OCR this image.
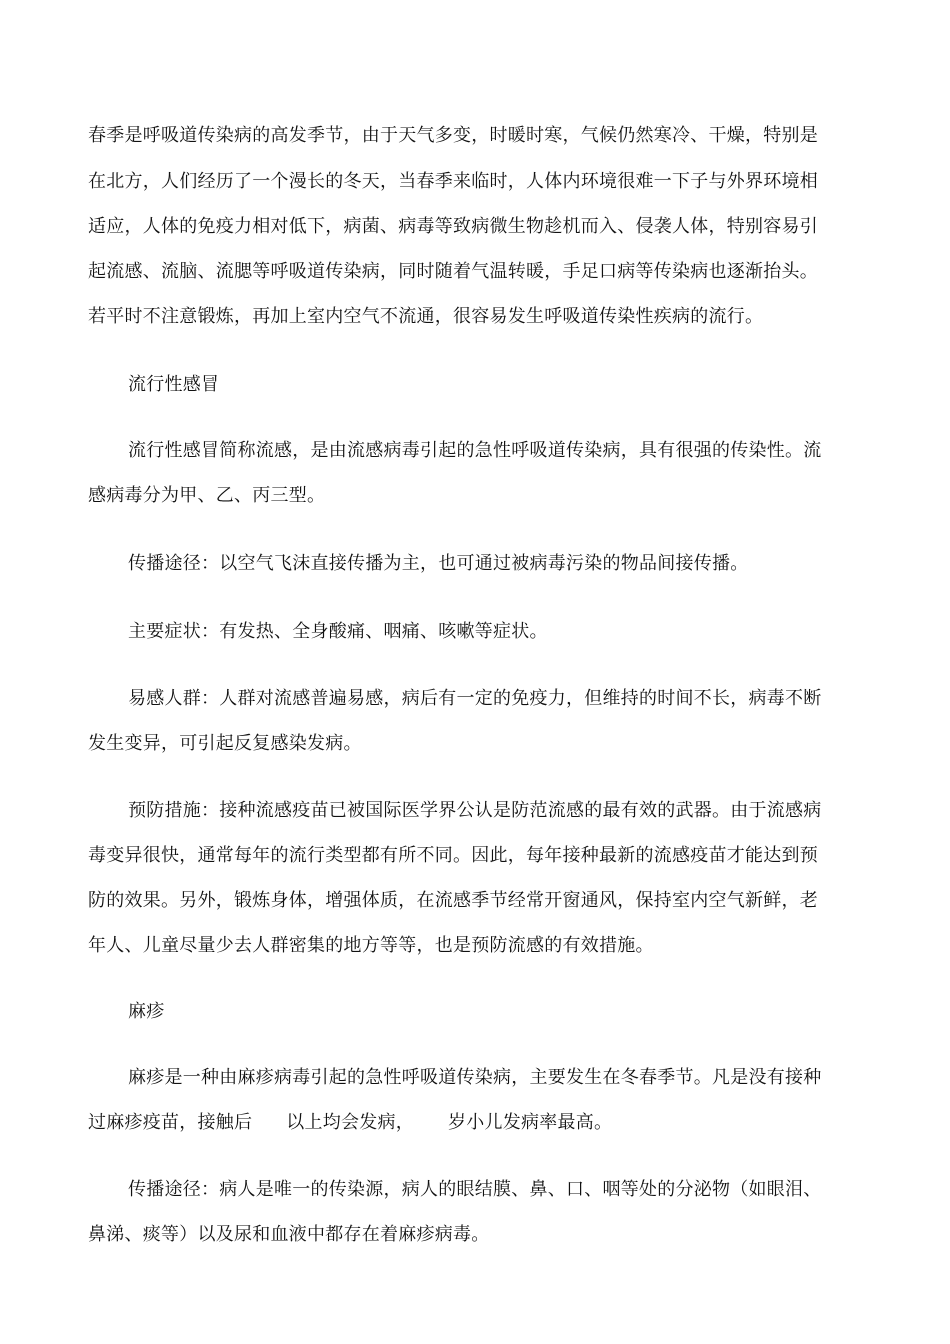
春季是呼吸道传染病的高发季节，由于天气多变，时暖时寒，气候仍然寒冷、干燥，特别是
在北方，人们经历了一个漫长的冬天，当春季来临时，人体内环境很难一下子与外界环境相
适应，人体的免疫力相对低下，病菌、病毒等致病微生物趁机而入、侵袭人体，特别容易引
起流感、流脑、流腮等呼吸道传染病，同时随着气温转暖，手足口病等传染病也逐渐抬头。
若平时不注意锻炼，再加上室内空气不流通，很容易发生呼吸道传染性疾病的流行。
流行性感冒
流行性感冒简称流感，是由流感病毒引起的急性呼吸道传染病，具有很强的传染性。流
感病毒分为甲、乙、丙三型。
传播途径：以空气飞沫直接传播为主，也可通过被病毒污染的物品间接传播。
主要症状：有发热、全身酸痛、咽痛、咳嗽等症状。
易感人群：人群对流感普遍易感，病后有一定的免疫力，但维持的时间不长，病毒不断
发生变异，可引起反复感染发病。
预防措施：接种流感疫苗已被国际医学界公认是防范流感的最有效的武器。由于流感病
毒变异很快，通常每年的流行类型都有所不同。因此，每年接种最新的流感疫苗才能达到预
防的效果。另外，锻炼身体，增强体质，在流感季节经常开窗通风，保持室内空气新鲜，老
年人、儿童尽量少去人群密集的地方等等，也是预防流感的有效措施。
麻疹
麻疹是一种由麻疹病毒引起的急性呼吸道传染病，主要发生在冬春季节。凡是没有接种
过麻疹疫苗，接触后 以上均会发病， 岁小儿发病率最高。
传播途径：病人是唯一的传染源，病人的眼结膜、鼻、口、咽等处的分泌物（如眼泪、
鼻涕、痰等）以及尿和血液中都存在着麻疹病毒。
